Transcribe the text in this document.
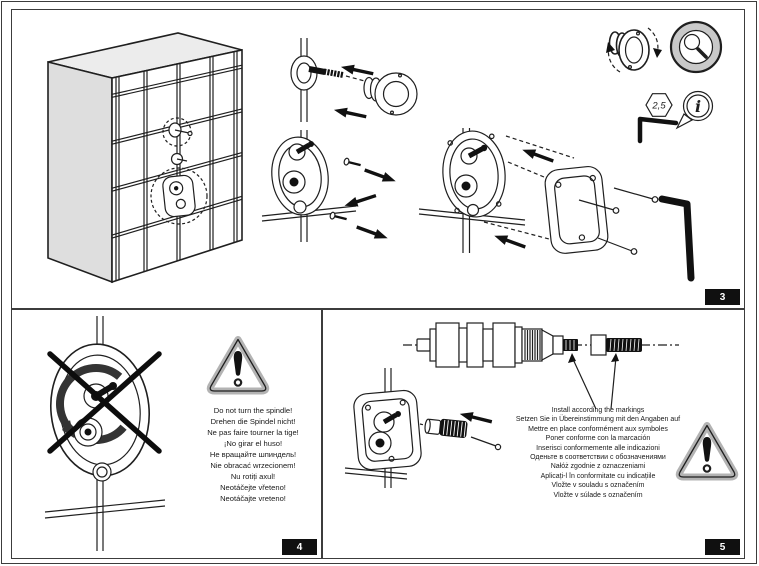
2,5 i
3
Do not turn the spindle!
Drehen die Spindel nicht!
Ne pas faire tourner la tige!
¡No girar el huso!
Не вращайте шпиндель!
Nie obracać wrzecionem!
Nu rotiți axul!
Neotáčejte vřeteno!
Neotáčajte vreteno!
4
Install according the markings
Setzen Sie in Übereinstimmung mit den Angaben auf
Mettre en place conformément aux symboles
Poner conforme con la marcación
Inserisci conformemente alle indicazioni
Оденьте в соответствии с обозначениями
Nałóż zgodnie z oznaczeniami
Aplicați-l în conformitate cu indicațiile
Vložte v souladu s označením
Vložte v súlade s označením
5
